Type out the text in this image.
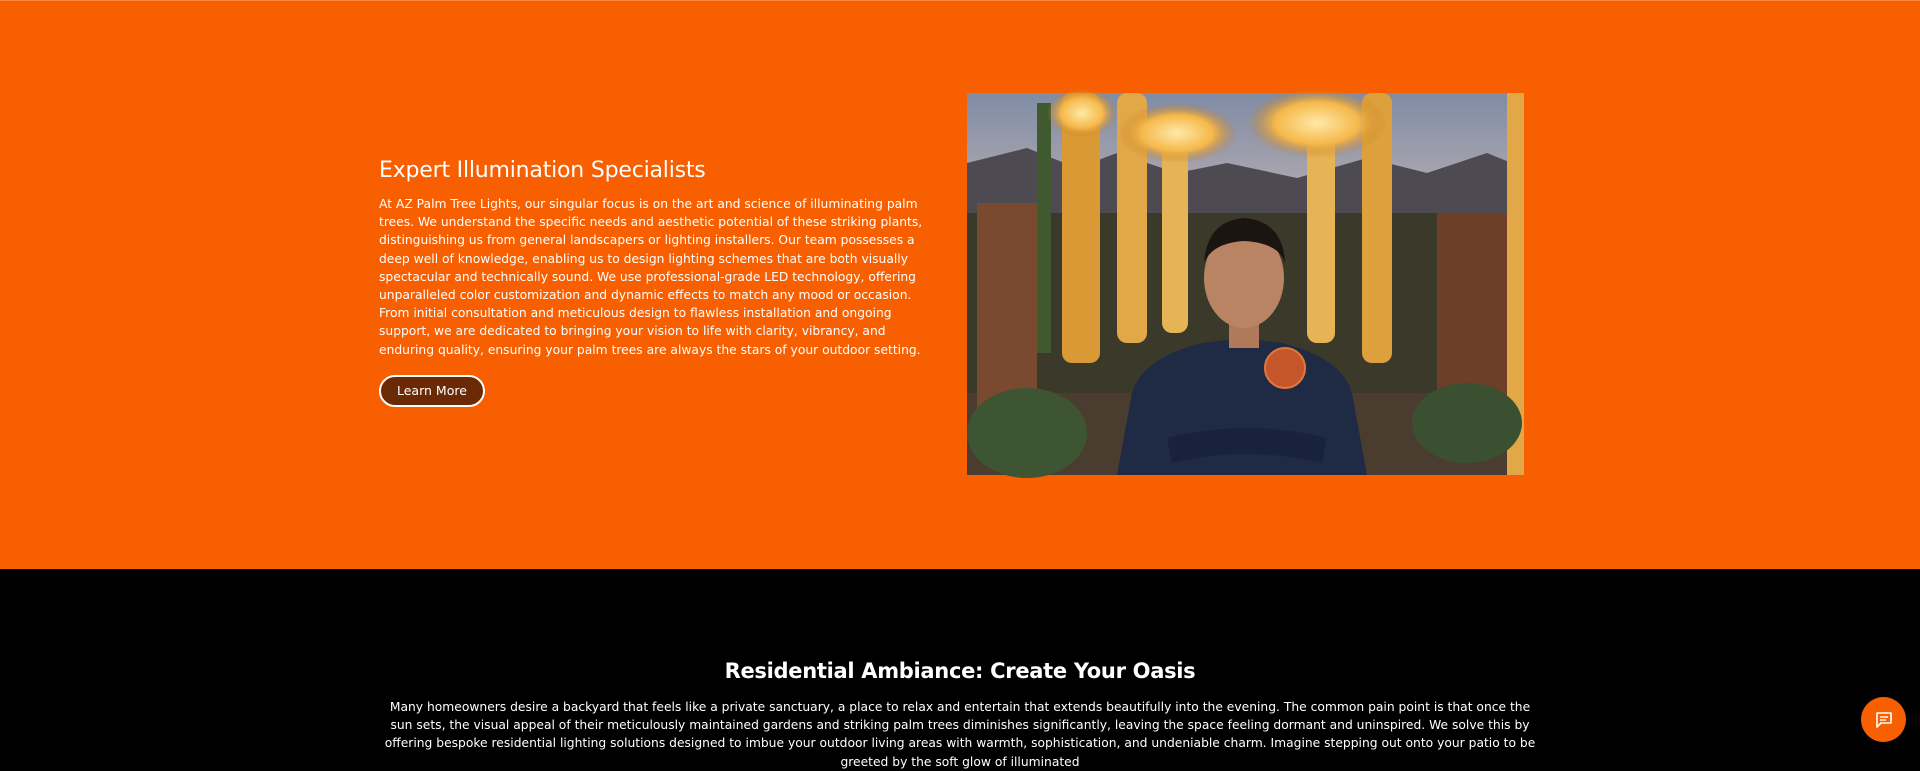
Expert Illumination Specialists

At AZ Palm Tree Lights, our singular focus is on the art and science of illuminating palm trees. We understand the specific needs and aesthetic potential of these striking plants, distinguishing us from general landscapers or lighting installers. Our team possesses a deep well of knowledge, enabling us to design lighting schemes that are both visually spectacular and technically sound. We use professional-grade LED technology, offering unparalleled color customization and dynamic effects to match any mood or occasion. From initial consultation and meticulous design to flawless installation and ongoing support, we are dedicated to bringing your vision to life with clarity, vibrancy, and enduring quality, ensuring your palm trees are always the stars of your outdoor setting.

Learn More
Residential Ambiance: Create Your Oasis

Many homeowners desire a backyard that feels like a private sanctuary, a place to relax and entertain that extends beautifully into the evening. The common pain point is that once the sun sets, the visual appeal of their meticulously maintained gardens and striking palm trees diminishes significantly, leaving the space feeling dormant and uninspired. We solve this by offering bespoke residential lighting solutions designed to imbue your outdoor living areas with warmth, sophistication, and undeniable charm. Imagine stepping out onto your patio to be greeted by the soft glow of illuminated
